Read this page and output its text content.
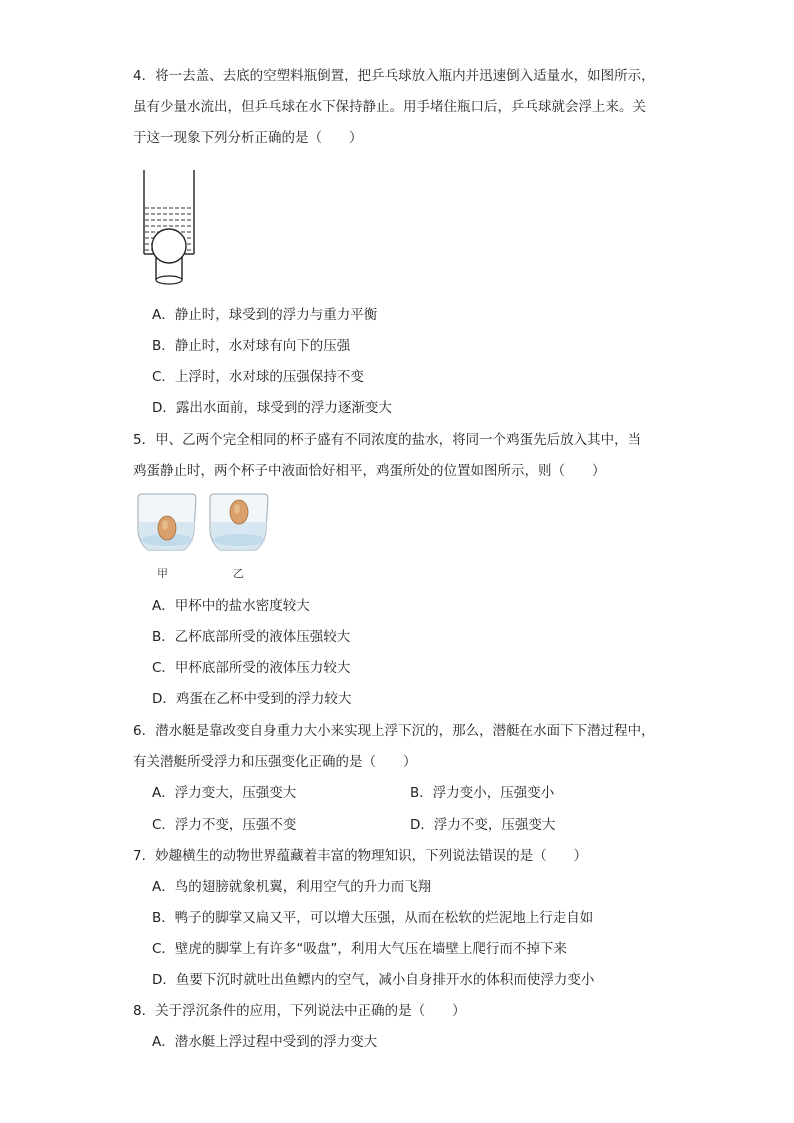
4．将一去盖、去底的空塑料瓶倒置，把乒乓球放入瓶内并迅速倒入适量水，如图所示，
虽有少量水流出，但乒乓球在水下保持静止。用手堵住瓶口后，乒乓球就会浮上来。关
于这一现象下列分析正确的是（　　）
A．静止时，球受到的浮力与重力平衡
B．静止时，水对球有向下的压强
C．上浮时，水对球的压强保持不变
D．露出水面前，球受到的浮力逐渐变大
5．甲、乙两个完全相同的杯子盛有不同浓度的盐水，将同一个鸡蛋先后放入其中，当
鸡蛋静止时，两个杯子中液面恰好相平，鸡蛋所处的位置如图所示，则（　　）
甲	乙
A．甲杯中的盐水密度较大
B．乙杯底部所受的液体压强较大
C．甲杯底部所受的液体压力较大
D．鸡蛋在乙杯中受到的浮力较大
6．潜水艇是靠改变自身重力大小来实现上浮下沉的，那么，潜艇在水面下下潜过程中，
有关潜艇所受浮力和压强变化正确的是（　　）
A．浮力变大，压强变大	B．浮力变小，压强变小
C．浮力不变，压强不变	D．浮力不变，压强变大
7．妙趣横生的动物世界蕴藏着丰富的物理知识，下列说法错误的是（　　）
A．鸟的翅膀就象机翼，利用空气的升力而飞翔
B．鸭子的脚掌又扁又平，可以增大压强，从而在松软的烂泥地上行走自如
C．壁虎的脚掌上有许多“吸盘”，利用大气压在墙壁上爬行而不掉下来
D．鱼要下沉时就吐出鱼鳔内的空气，减小自身排开水的体积而使浮力变小
8．关于浮沉条件的应用，下列说法中正确的是（　　）
A．潜水艇上浮过程中受到的浮力变大
